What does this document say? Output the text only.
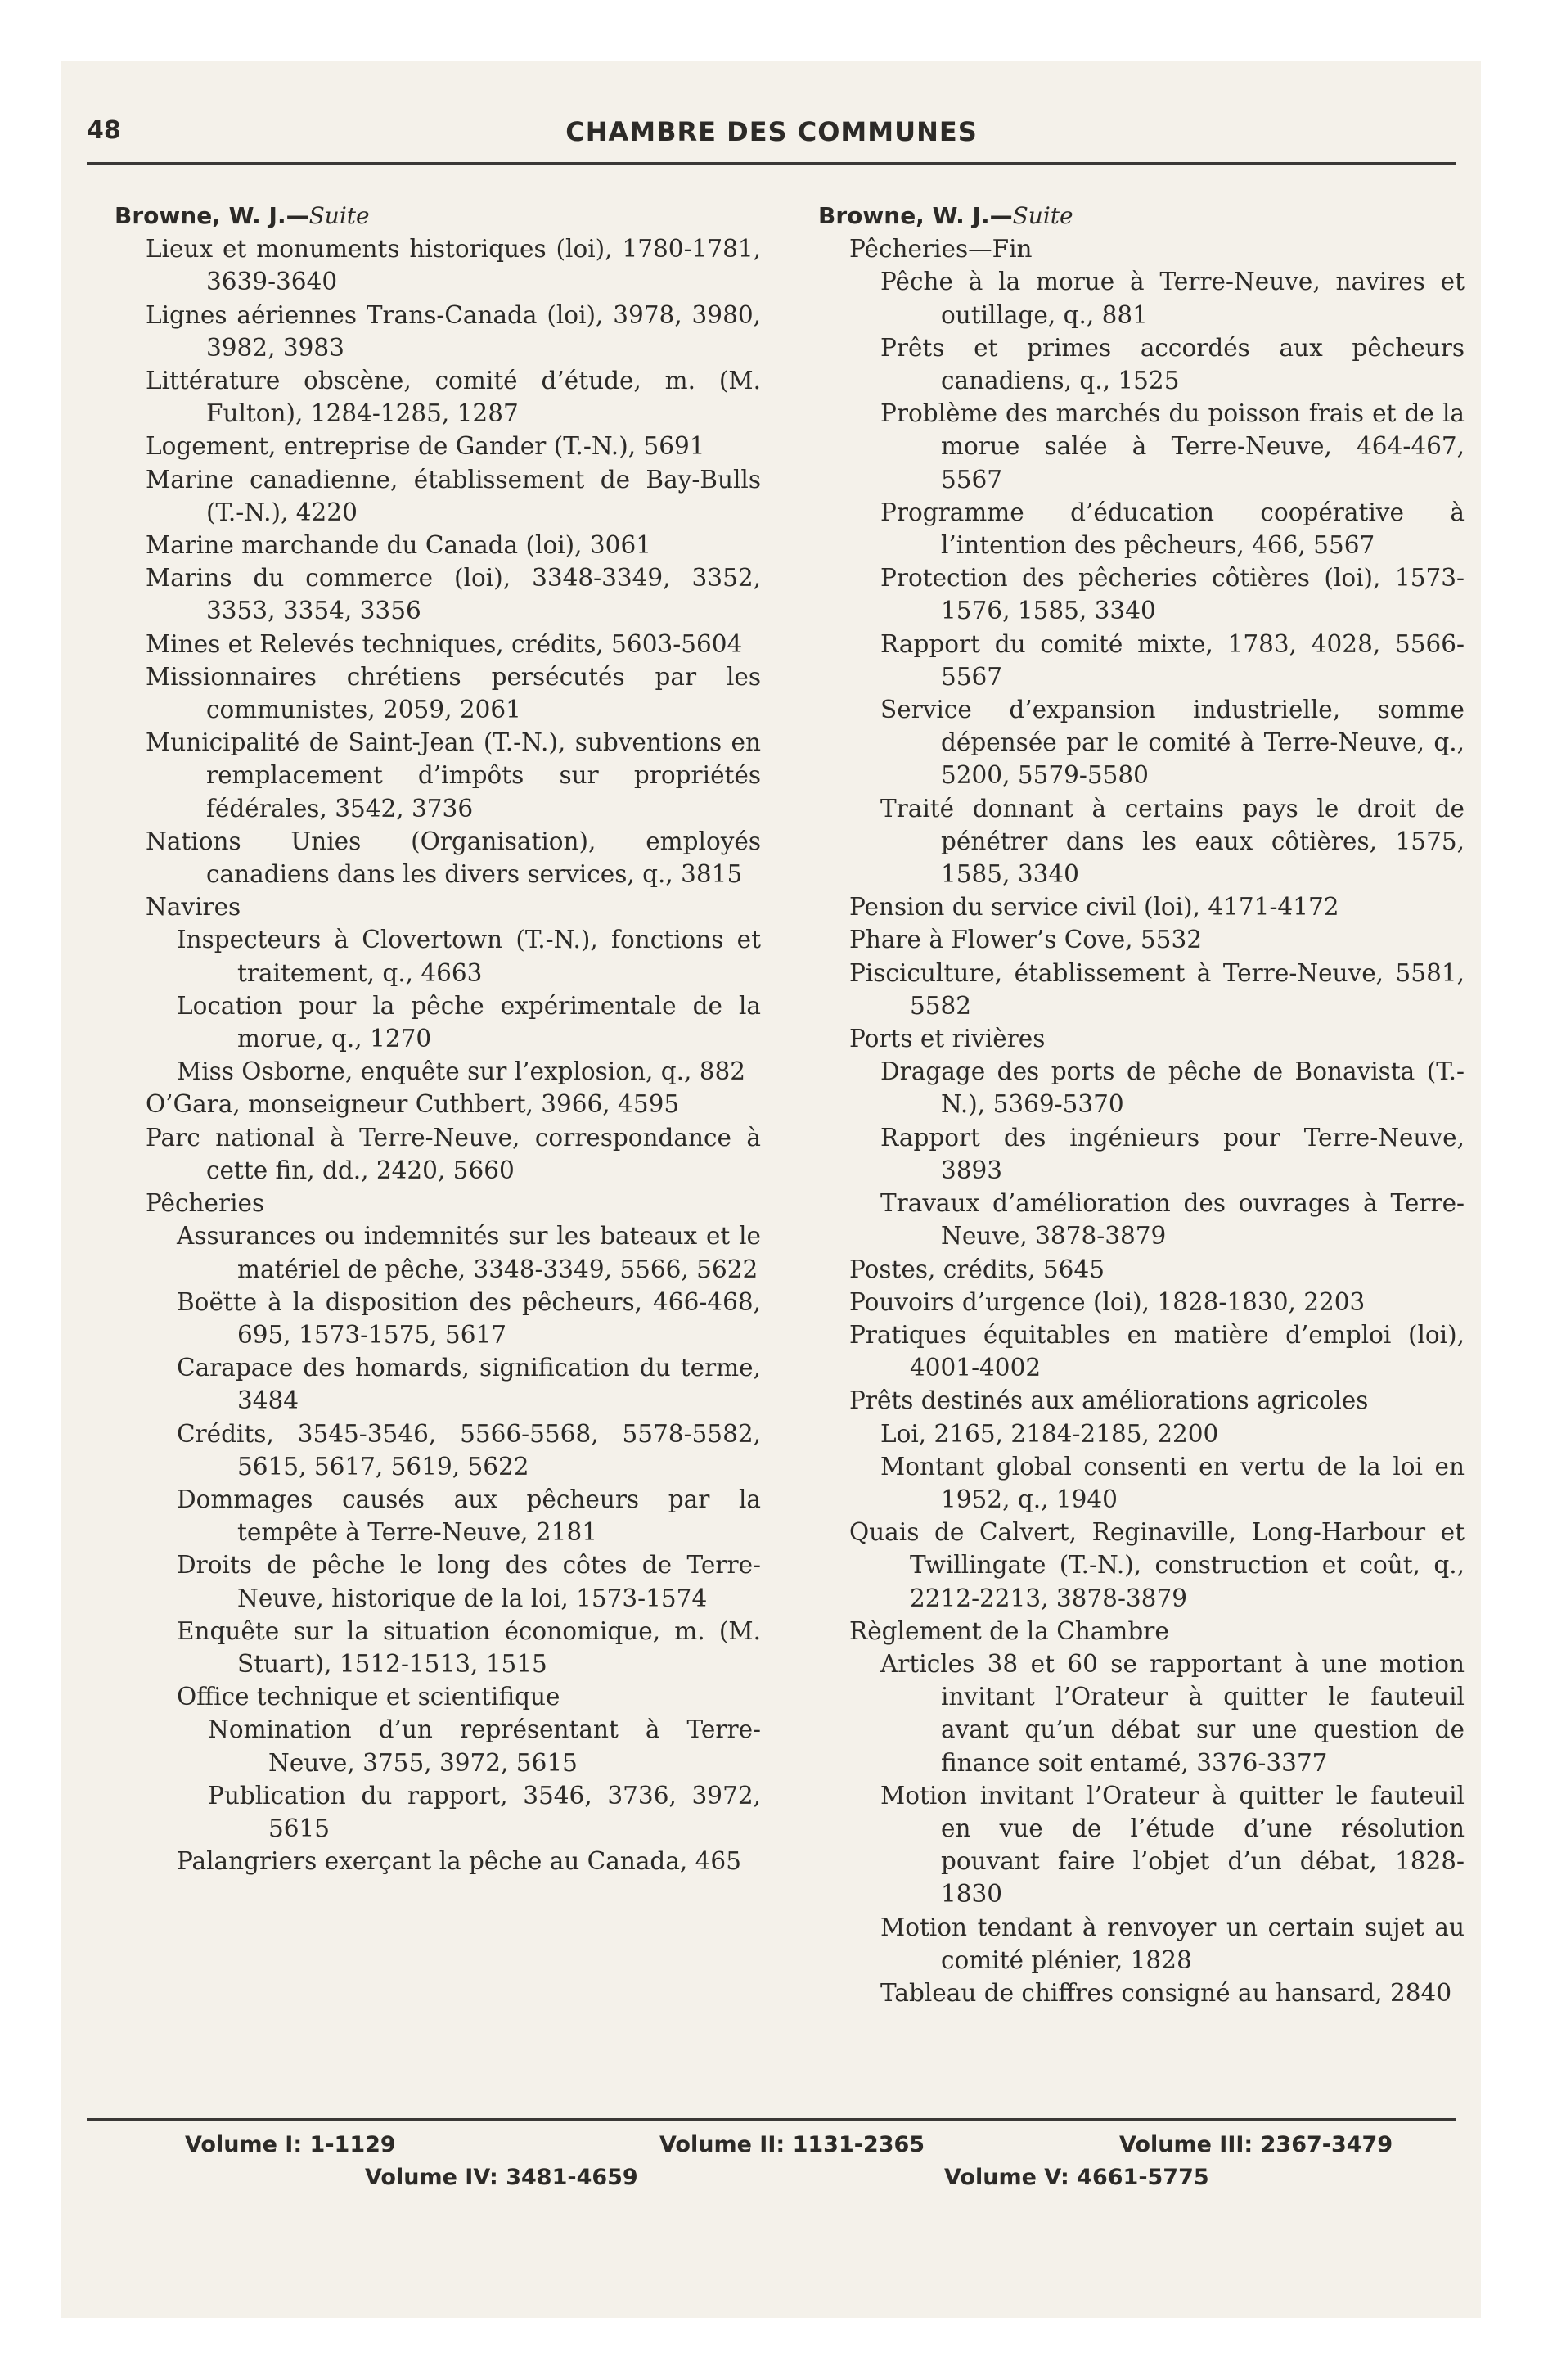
48	CHAMBRE DES COMMUNES
Browne, W. J.—Suite
Lieux et monuments historiques (loi), 1780-1781, 3639-3640
Lignes aériennes Trans-Canada (loi), 3978, 3980, 3982, 3983
Littérature obscène, comité d’étude, m. (M. Fulton), 1284-1285, 1287
Logement, entreprise de Gander (T.-N.), 5691
Marine canadienne, établissement de Bay-Bulls (T.-N.), 4220
Marine marchande du Canada (loi), 3061
Marins du commerce (loi), 3348-3349, 3352, 3353, 3354, 3356
Mines et Relevés techniques, crédits, 5603-5604
Missionnaires chrétiens persécutés par les communistes, 2059, 2061
Municipalité de Saint-Jean (T.-N.), subventions en remplacement d’impôts sur propriétés fédérales, 3542, 3736
Nations Unies (Organisation), employés canadiens dans les divers services, q., 3815
Navires
Inspecteurs à Clovertown (T.-N.), fonctions et traitement, q., 4663
Location pour la pêche expérimentale de la morue, q., 1270
Miss Osborne, enquête sur l’explosion, q., 882
O’Gara, monseigneur Cuthbert, 3966, 4595
Parc national à Terre-Neuve, correspondance à cette fin, dd., 2420, 5660
Pêcheries
Assurances ou indemnités sur les bateaux et le matériel de pêche, 3348-3349, 5566, 5622
Boëtte à la disposition des pêcheurs, 466-468, 695, 1573-1575, 5617
Carapace des homards, signification du terme, 3484
Crédits, 3545-3546, 5566-5568, 5578-5582, 5615, 5617, 5619, 5622
Dommages causés aux pêcheurs par la tempête à Terre-Neuve, 2181
Droits de pêche le long des côtes de Terre-Neuve, historique de la loi, 1573-1574
Enquête sur la situation économique, m. (M. Stuart), 1512-1513, 1515
Office technique et scientifique
Nomination d’un représentant à Terre-Neuve, 3755, 3972, 5615
Publication du rapport, 3546, 3736, 3972, 5615
Palangriers exerçant la pêche au Canada, 465
Browne, W. J.—Suite
Pêcheries—Fin
Pêche à la morue à Terre-Neuve, navires et outillage, q., 881
Prêts et primes accordés aux pêcheurs canadiens, q., 1525
Problème des marchés du poisson frais et de la morue salée à Terre-Neuve, 464-467, 5567
Programme d’éducation coopérative à l’intention des pêcheurs, 466, 5567
Protection des pêcheries côtières (loi), 1573-1576, 1585, 3340
Rapport du comité mixte, 1783, 4028, 5566-5567
Service d’expansion industrielle, somme dépensée par le comité à Terre-Neuve, q., 5200, 5579-5580
Traité donnant à certains pays le droit de pénétrer dans les eaux côtières, 1575, 1585, 3340
Pension du service civil (loi), 4171-4172
Phare à Flower’s Cove, 5532
Pisciculture, établissement à Terre-Neuve, 5581, 5582
Ports et rivières
Dragage des ports de pêche de Bonavista (T.-N.), 5369-5370
Rapport des ingénieurs pour Terre-Neuve, 3893
Travaux d’amélioration des ouvrages à Terre-Neuve, 3878-3879
Postes, crédits, 5645
Pouvoirs d’urgence (loi), 1828-1830, 2203
Pratiques équitables en matière d’emploi (loi), 4001-4002
Prêts destinés aux améliorations agricoles
Loi, 2165, 2184-2185, 2200
Montant global consenti en vertu de la loi en 1952, q., 1940
Quais de Calvert, Reginaville, Long-Harbour et Twillingate (T.-N.), construction et coût, q., 2212-2213, 3878-3879
Règlement de la Chambre
Articles 38 et 60 se rapportant à une motion invitant l’Orateur à quitter le fauteuil avant qu’un débat sur une question de finance soit entamé, 3376-3377
Motion invitant l’Orateur à quitter le fauteuil en vue de l’étude d’une résolution pouvant faire l’objet d’un débat, 1828-1830
Motion tendant à renvoyer un certain sujet au comité plénier, 1828
Tableau de chiffres consigné au hansard, 2840
Volume I: 1-1129	Volume II: 1131-2365	Volume III: 2367-3479
Volume IV: 3481-4659	Volume V: 4661-5775
